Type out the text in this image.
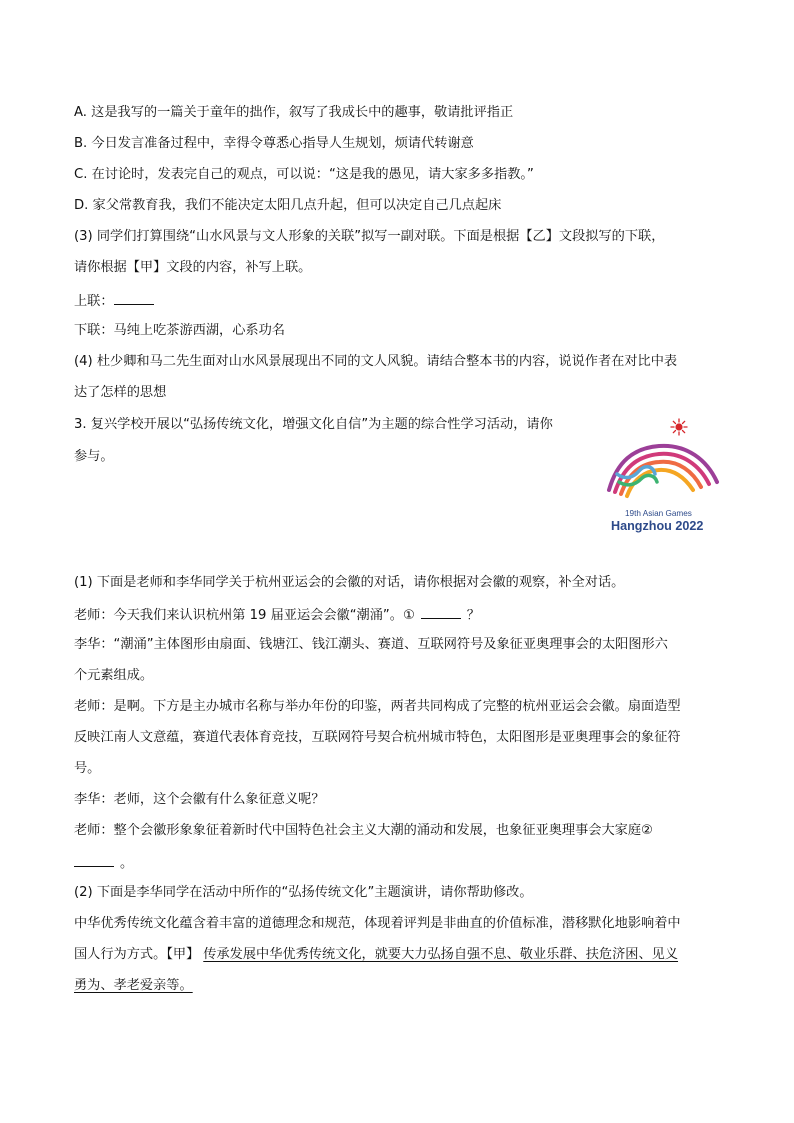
A. 这是我写的一篇关于童年的拙作，叙写了我成长中的趣事，敬请批评指正
B. 今日发言准备过程中，幸得令尊悉心指导人生规划，烦请代转谢意
C. 在讨论时，发表完自己的观点，可以说：“这是我的愚见，请大家多多指教。”
D. 家父常教育我，我们不能决定太阳几点升起，但可以决定自己几点起床
(3) 同学们打算围绕“山水风景与文人形象的关联”拟写一副对联。下面是根据【乙】文段拟写的下联，
请你根据【甲】文段的内容，补写上联。
上联：
下联：马纯上吃茶游西湖，心系功名
(4) 杜少卿和马二先生面对山水风景展现出不同的文人风貌。请结合整本书的内容，说说作者在对比中表
达了怎样的思想
3. 复兴学校开展以“弘扬传统文化，增强文化自信”为主题的综合性学习活动，请你
参与。
19th Asian Games
Hangzhou 2022
(1) 下面是老师和李华同学关于杭州亚运会的会徽的对话，请你根据对会徽的观察，补全对话。
老师：今天我们来认识杭州第 19 届亚运会会徽“潮涌”。①	？
李华：“潮涌”主体图形由扇面、钱塘江、钱江潮头、赛道、互联网符号及象征亚奥理事会的太阳图形六
个元素组成。
老师：是啊。下方是主办城市名称与举办年份的印鉴，两者共同构成了完整的杭州亚运会会徽。扇面造型
反映江南人文意蕴，赛道代表体育竞技，互联网符号契合杭州城市特色，太阳图形是亚奥理事会的象征符
号。
李华：老师，这个会徽有什么象征意义呢？
老师：整个会徽形象象征着新时代中国特色社会主义大潮的涌动和发展，也象征亚奥理事会大家庭②
。
(2) 下面是李华同学在活动中所作的“弘扬传统文化”主题演讲，请你帮助修改。
中华优秀传统文化蕴含着丰富的道德理念和规范，体现着评判是非曲直的价值标准，潜移默化地影响着中
国人行为方式。【甲】 传承发展中华优秀传统文化，就要大力弘扬自强不息、敬业乐群、扶危济困、见义
勇为、孝老爱亲等。
